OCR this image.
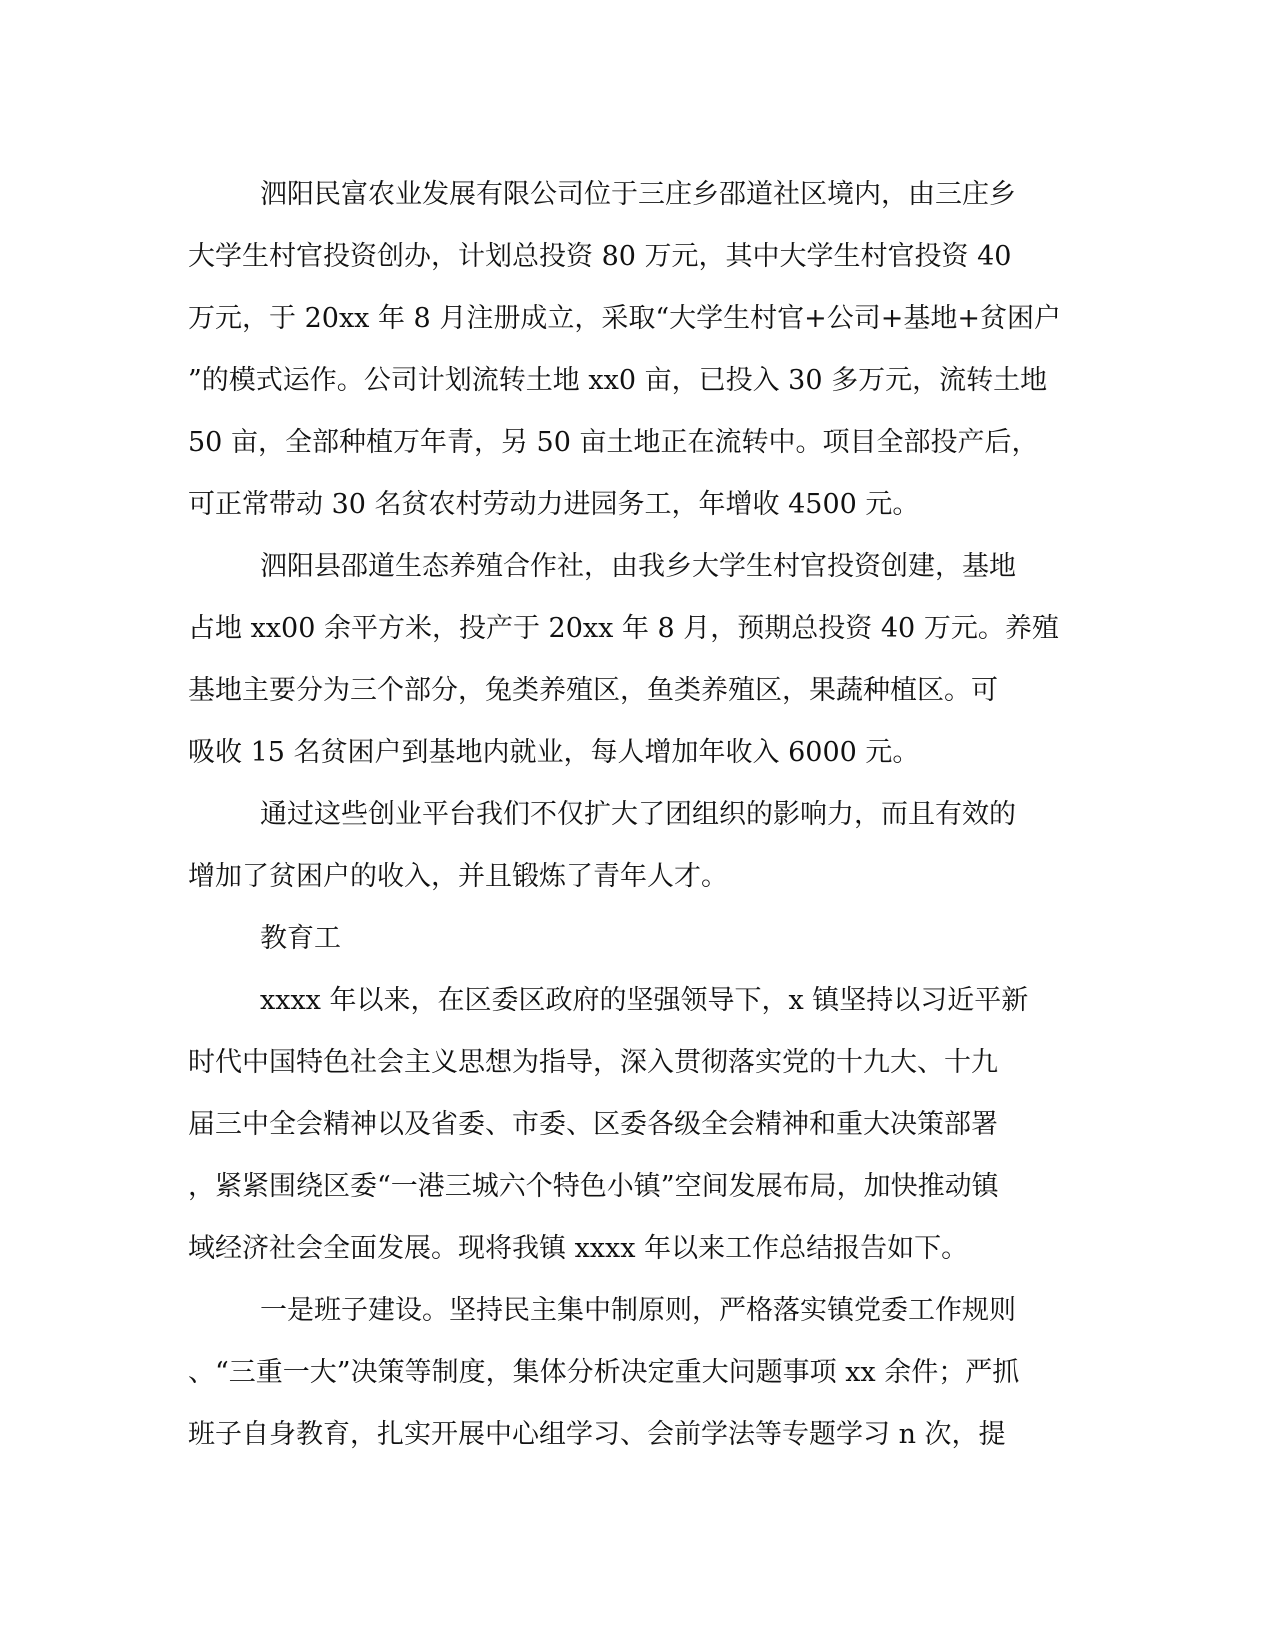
泗阳民富农业发展有限公司位于三庄乡邵道社区境内，由三庄乡
大学生村官投资创办，计划总投资 80 万元，其中大学生村官投资 40
万元，于 20xx 年 8 月注册成立，采取“大学生村官+公司+基地+贫困户
”的模式运作。公司计划流转土地 xx0 亩，已投入 30 多万元，流转土地
50 亩，全部种植万年青，另 50 亩土地正在流转中。项目全部投产后，
可正常带动 30 名贫农村劳动力进园务工，年增收 4500 元。
泗阳县邵道生态养殖合作社，由我乡大学生村官投资创建，基地
占地 xx00 余平方米，投产于 20xx 年 8 月，预期总投资 40 万元。养殖
基地主要分为三个部分，兔类养殖区，鱼类养殖区，果蔬种植区。可
吸收 15 名贫困户到基地内就业，每人增加年收入 6000 元。
通过这些创业平台我们不仅扩大了团组织的影响力，而且有效的
增加了贫困户的收入，并且锻炼了青年人才。
教育工
xxxx 年以来，在区委区政府的坚强领导下，x 镇坚持以习近平新
时代中国特色社会主义思想为指导，深入贯彻落实党的十九大、十九
届三中全会精神以及省委、市委、区委各级全会精神和重大决策部署
，紧紧围绕区委“一港三城六个特色小镇”空间发展布局，加快推动镇
域经济社会全面发展。现将我镇 xxxx 年以来工作总结报告如下。
一是班子建设。坚持民主集中制原则，严格落实镇党委工作规则
、“三重一大”决策等制度，集体分析决定重大问题事项 xx 余件；严抓
班子自身教育，扎实开展中心组学习、会前学法等专题学习 n 次，提
